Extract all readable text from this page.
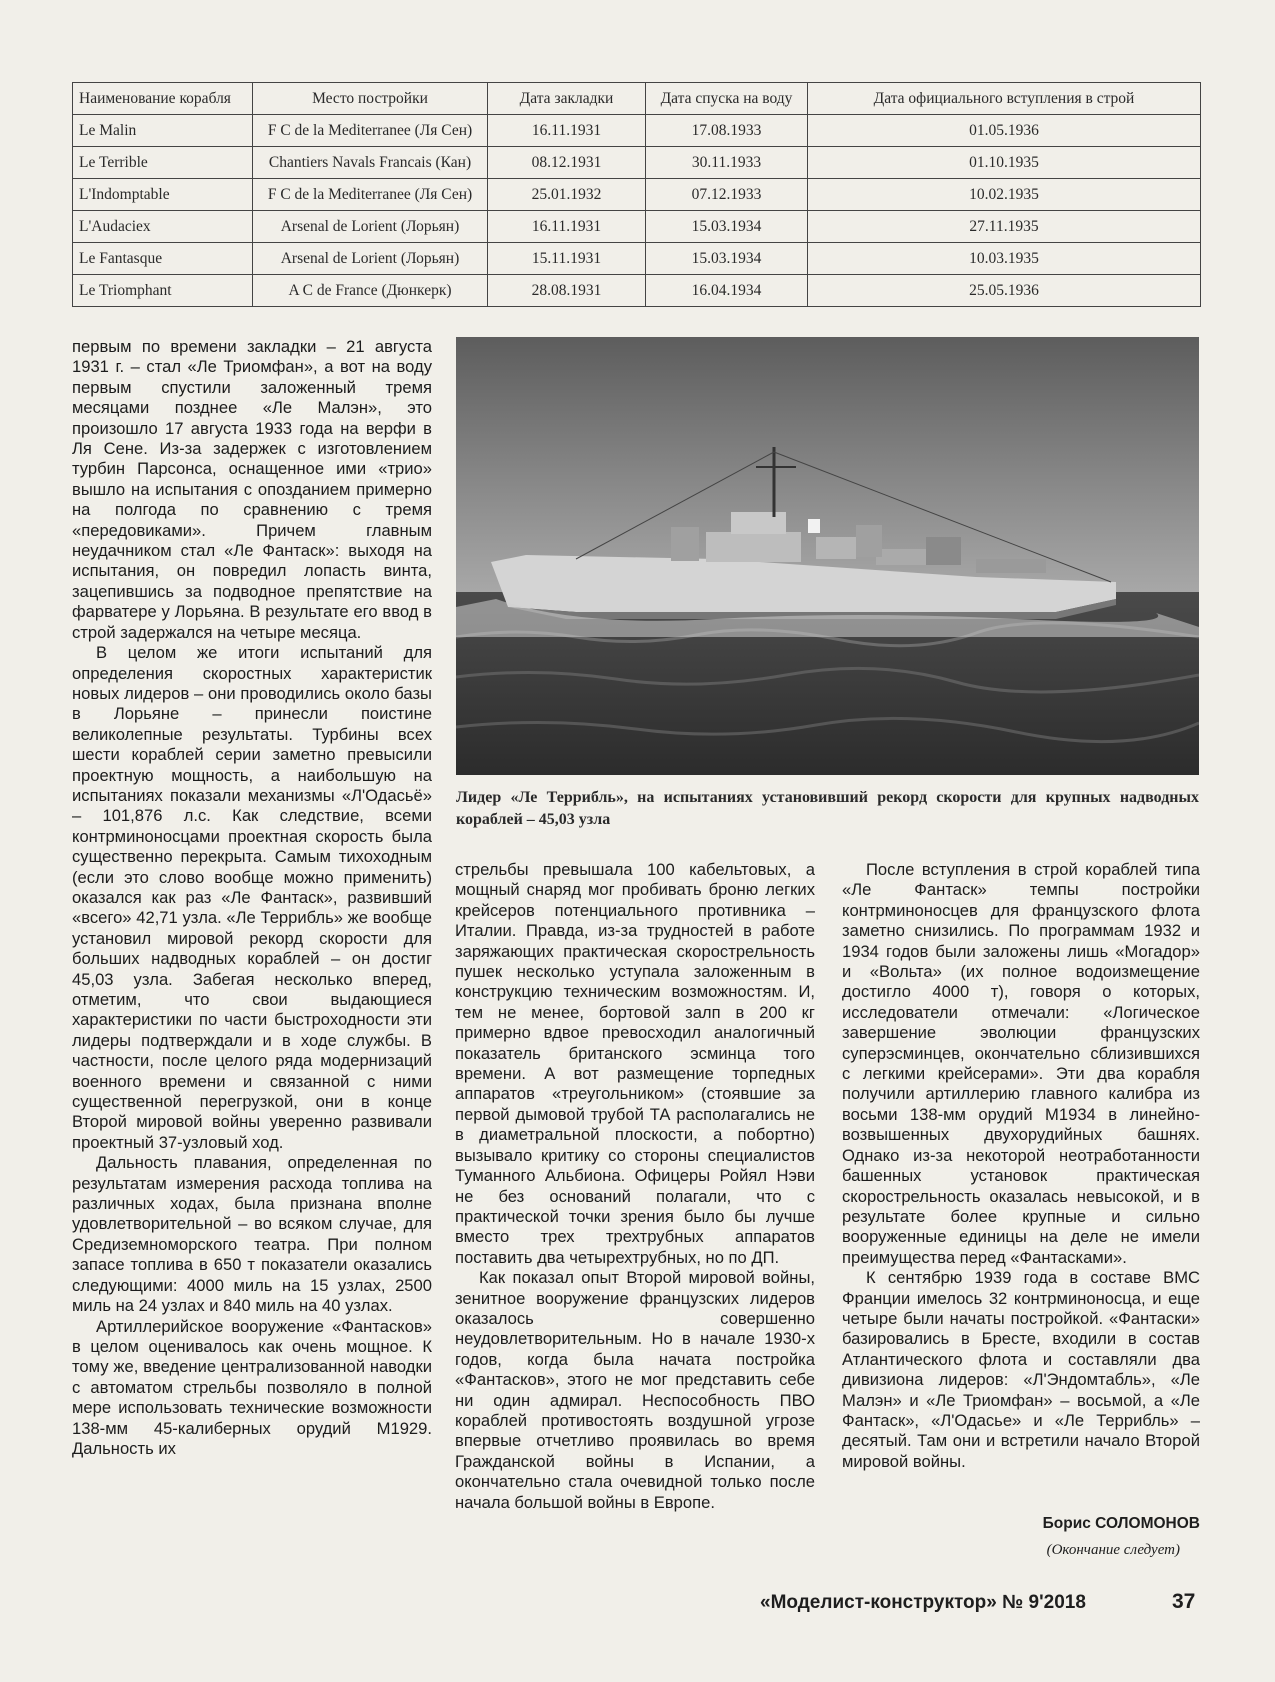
Наименование корабля	Место постройки	Дата закладки	Дата спуска на воду	Дата официального вступления в строй
Le Malin	F C de la Mediterranee (Ля Сен)	16.11.1931	17.08.1933	01.05.1936
Le Terrible	Chantiers Navals Francais (Кан)	08.12.1931	30.11.1933	01.10.1935
L'Indomptable	F C de la Mediterranee (Ля Сен)	25.01.1932	07.12.1933	10.02.1935
L'Audaciex	Arsenal de Lorient (Лорьян)	16.11.1931	15.03.1934	27.11.1935
Le Fantasque	Arsenal de Lorient (Лорьян)	15.11.1931	15.03.1934	10.03.1935
Le Triomphant	A C de France (Дюнкерк)	28.08.1931	16.04.1934	25.05.1936

первым по времени закладки – 21 августа 1931 г. – стал «Ле Триомфан», а вот на воду первым спустили заложенный тремя месяцами позднее «Ле Малэн», это произошло 17 августа 1933 года на верфи в Ля Сене. Из-за задержек с изготовлением турбин Парсонса, оснащенное ими «трио» вышло на испытания с опозданием примерно на полгода по сравнению с тремя «передовиками». Причем главным неудачником стал «Ле Фантаск»: выходя на испытания, он повредил лопасть винта, зацепившись за подводное препятствие на фарватере у Лорьяна. В результате его ввод в строй задержался на четыре месяца.

В целом же итоги испытаний для определения скоростных характеристик новых лидеров – они проводились около базы в Лорьяне – принесли поистине великолепные результаты. Турбины всех шести кораблей серии заметно превысили проектную мощность, а наибольшую на испытаниях показали механизмы «Л'Одасьё» – 101,876 л.с. Как следствие, всеми контрминоносцами проектная скорость была существенно перекрыта. Самым тихоходным (если это слово вообще можно применить) оказался как раз «Ле Фантаск», развивший «всего» 42,71 узла. «Ле Террибль» же вообще установил мировой рекорд скорости для больших надводных кораблей – он достиг 45,03 узла. Забегая несколько вперед, отметим, что свои выдающиеся характеристики по части быстроходности эти лидеры подтверждали и в ходе службы. В частности, после целого ряда модернизаций военного времени и связанной с ними существенной перегрузкой, они в конце Второй мировой войны уверенно развивали проектный 37-узловый ход.

Дальность плавания, определенная по результатам измерения расхода топлива на различных ходах, была признана вполне удовлетворительной – во всяком случае, для Средиземноморского театра. При полном запасе топлива в 650 т показатели оказались следующими: 4000 миль на 15 узлах, 2500 миль на 24 узлах и 840 миль на 40 узлах.

Артиллерийское вооружение «Фантасков» в целом оценивалось как очень мощное. К тому же, введение централизованной наводки с автоматом стрельбы позволяло в полной мере использовать технические возможности 138-мм 45-калиберных орудий M1929. Дальность их

Лидер «Ле Террибль», на испытаниях установивший рекорд скорости для крупных надводных кораблей – 45,03 узла

стрельбы превышала 100 кабельтовых, а мощный снаряд мог пробивать броню легких крейсеров потенциального противника – Италии. Правда, из-за трудностей в работе заряжающих практическая скорострельность пушек несколько уступала заложенным в конструкцию техническим возможностям. И, тем не менее, бортовой залп в 200 кг примерно вдвое превосходил аналогичный показатель британского эсминца того времени. А вот размещение торпедных аппаратов «треугольником» (стоявшие за первой дымовой трубой ТА располагались не в диаметральной плоскости, а побортно) вызывало критику со стороны специалистов Туманного Альбиона. Офицеры Ройял Нэви не без оснований полагали, что с практической точки зрения было бы лучше вместо трех трехтрубных аппаратов поставить два четырехтрубных, но по ДП.

Как показал опыт Второй мировой войны, зенитное вооружение французских лидеров оказалось совершенно неудовлетворительным. Но в начале 1930-х годов, когда была начата постройка «Фантасков», этого не мог представить себе ни один адмирал. Неспособность ПВО кораблей противостоять воздушной угрозе впервые отчетливо проявилась во время Гражданской войны в Испании, а окончательно стала очевидной только после начала большой войны в Европе.

После вступления в строй кораблей типа «Ле Фантаск» темпы постройки контрминоносцев для французского флота заметно снизились. По программам 1932 и 1934 годов были заложены лишь «Могадор» и «Вольта» (их полное водоизмещение достигло 4000 т), говоря о которых, исследователи отмечали: «Логическое завершение эволюции французских суперэсминцев, окончательно сблизившихся с легкими крейсерами». Эти два корабля получили артиллерию главного калибра из восьми 138-мм орудий M1934 в линейно-возвышенных двухорудийных башнях. Однако из-за некоторой неотработанности башенных установок практическая скорострельность оказалась невысокой, и в результате более крупные и сильно вооруженные единицы на деле не имели преимущества перед «Фантасками».

К сентябрю 1939 года в составе ВМС Франции имелось 32 контрминоносца, и еще четыре были начаты постройкой. «Фантаски» базировались в Бресте, входили в состав Атлантического флота и составляли два дивизиона лидеров: «Л'Эндомтабль», «Ле Малэн» и «Ле Триомфан» – восьмой, а «Ле Фантаск», «Л'Одасье» и «Ле Террибль» – десятый. Там они и встретили начало Второй мировой войны.

Борис СОЛОМОНОВ
(Окончание следует)
«Моделист-конструктор» № 9'2018	37
